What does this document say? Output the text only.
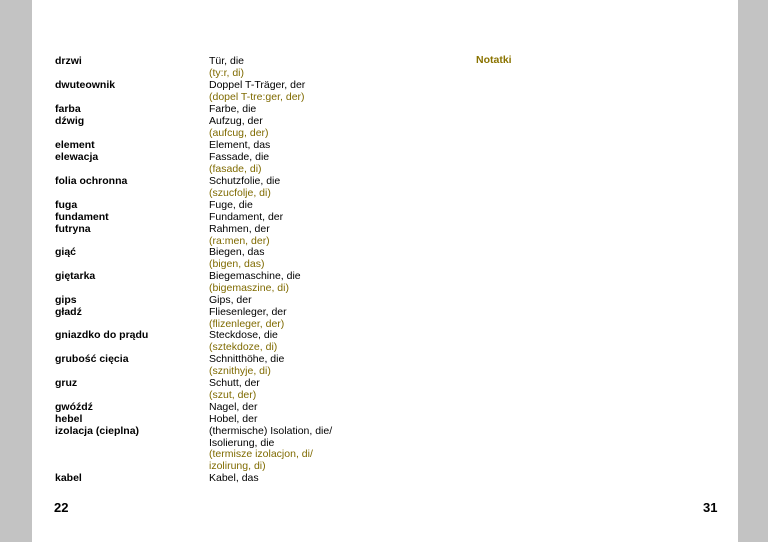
drzwi
dwuteownik
farba
dźwig
element
elewacja
folia ochronna
fuga
fundament
futryna
giąć
giętarka
gips
gładź
gniazdko do prądu
grubość cięcia
gruz
gwóźdź
hebel
izolacja (cieplna)
kabel
Tür, die
(ty:r, di)
Doppel T-Träger, der
(dopel T-tre:ger, der)
Farbe, die
Aufzug, der
(aufcug, der)
Element, das
Fassade, die
(fasade, di)
Schutzfolie, die
(szucfolje, di)
Fuge, die
Fundament, der
Rahmen, der
(ra:men, der)
Biegen, das
(bigen, das)
Biegemaschine, die
(bigemaszine, di)
Gips, der
Fliesenleger, der
(flizenleger, der)
Steckdose, die
(sztekdoze, di)
Schnitthöhe, die
(sznithyje, di)
Schutt, der
(szut, der)
Nagel, der
Hobel, der
(thermische) Isolation, die/
Isolierung, die
(termisze izolacjon, di/
izolirung, di)
Kabel, das
Notatki
22	31
